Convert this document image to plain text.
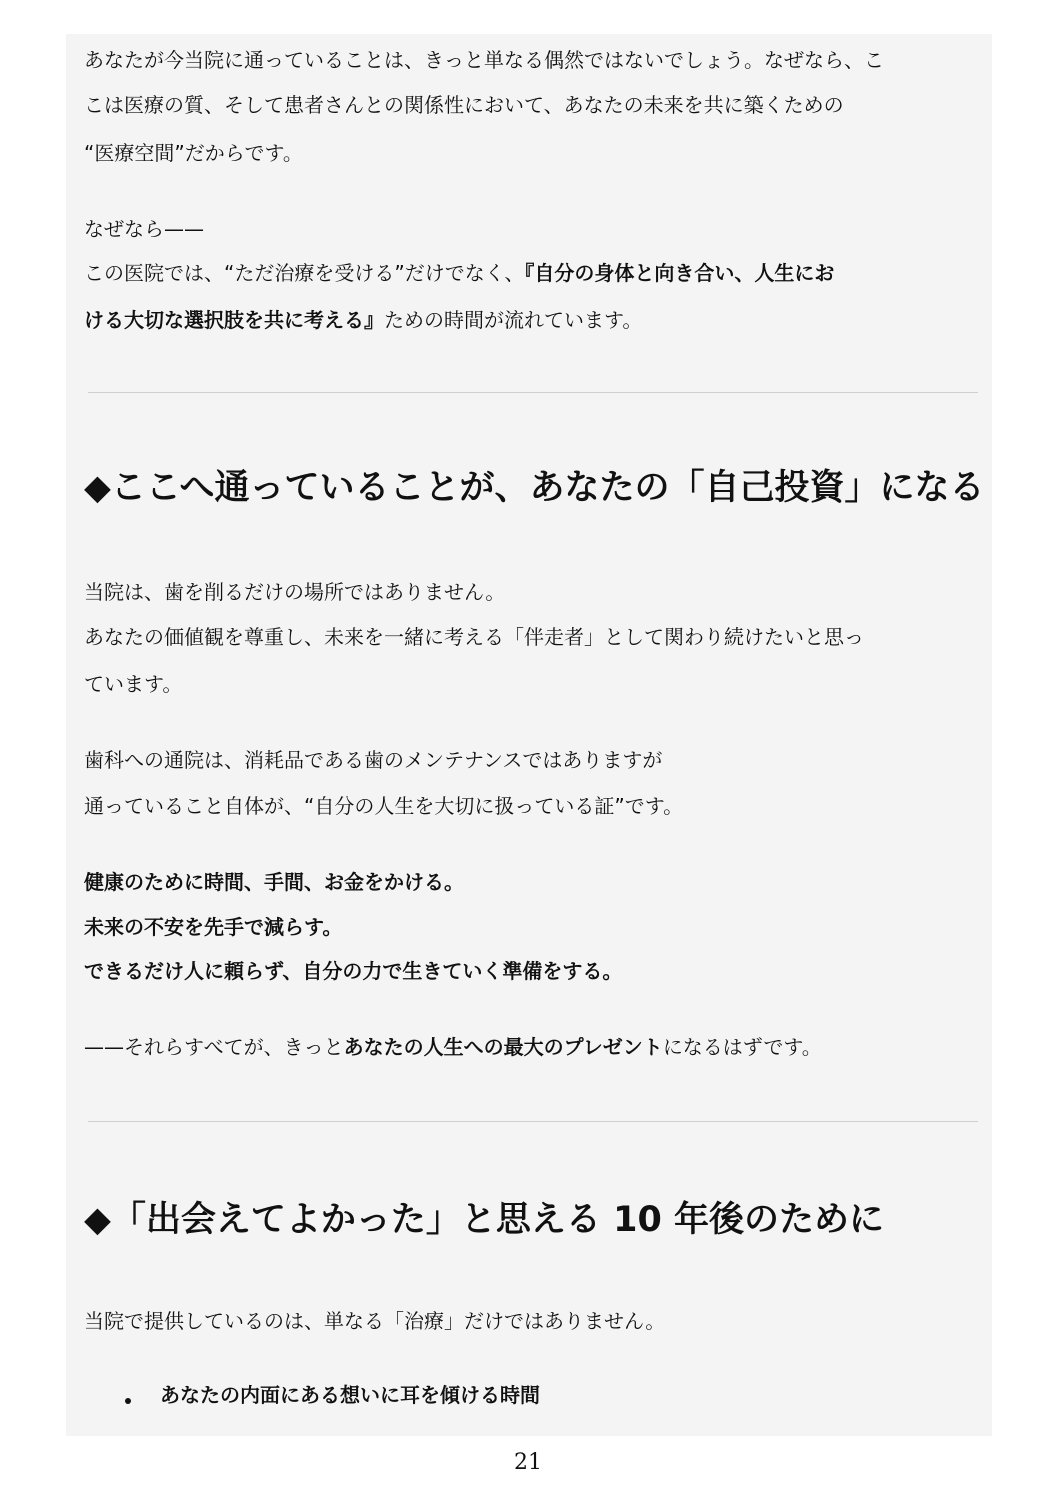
あなたが今当院に通っていることは、きっと単なる偶然ではないでしょう。なぜなら、こ

こは医療の質、そして患者さんとの関係性において、あなたの未来を共に築くための

“医療空間”だからです。

なぜなら——

この医院では、“ただ治療を受ける”だけでなく、『自分の身体と向き合い、人生にお

ける大切な選択肢を共に考える』ための時間が流れています。

◆ここへ通っていることが、あなたの「自己投資」になる

当院は、歯を削るだけの場所ではありません。

あなたの価値観を尊重し、未来を一緒に考える「伴走者」として関わり続けたいと思っ

ています。

歯科への通院は、消耗品である歯のメンテナンスではありますが

通っていること自体が、“自分の人生を大切に扱っている証”です。

健康のために時間、手間、お金をかける。

未来の不安を先手で減らす。

できるだけ人に頼らず、自分の力で生きていく準備をする。

——それらすべてが、きっとあなたの人生への最大のプレゼントになるはずです。

◆「出会えてよかった」と思える 10 年後のために

当院で提供しているのは、単なる「治療」だけではありません。

あなたの内面にある想いに耳を傾ける時間

21
